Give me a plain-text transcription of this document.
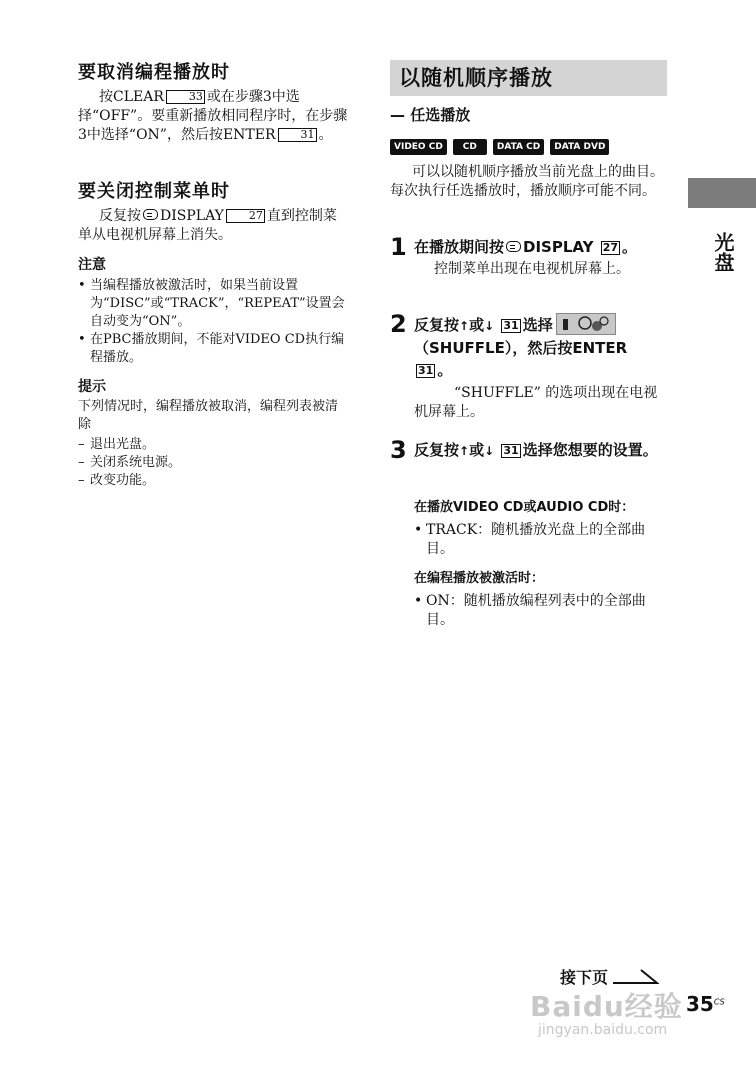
要取消编程播放时
按CLEAR 33 或在步骤3中选择“OFF”。要重新播放相同程序时，在步骤3中选择“ON”，然后按ENTER 31 。
要关闭控制菜单时
反复按 DISPLAY 27 直到控制菜单从电视机屏幕上消失。
注意
• 当编程播放被激活时，如果当前设置为“DISC”或“TRACK”，“REPEAT”设置会自动变为“ON”。
• 在PBC播放期间，不能对VIDEO CD执行编程播放。
提示
下列情况时，编程播放被取消，编程列表被清除
– 退出光盘。
– 关闭系统电源。
– 改变功能。
以随机顺序播放
— 任选播放
VIDEO CD CD DATA CD DATA DVD
可以以随机顺序播放当前光盘上的曲目。每次执行任选播放时，播放顺序可能不同。
1 在播放期间按 DISPLAY 27 。
控制菜单出现在电视机屏幕上。
2 反复按↑或↓ 31 选择

（SHUFFLE），然后按ENTER
31 。
“SHUFFLE” 的选项出现在电视机屏幕上。
3 反复按↑或↓ 31 选择您想要的设置。
在播放VIDEO CD或AUDIO CD时：
• TRACK：随机播放光盘上的全部曲目。
在编程播放被激活时：
• ON：随机播放编程列表中的全部曲目。
光盘
接下页
Baidu经验
jingyan.baidu.com
$35^{CS}$
